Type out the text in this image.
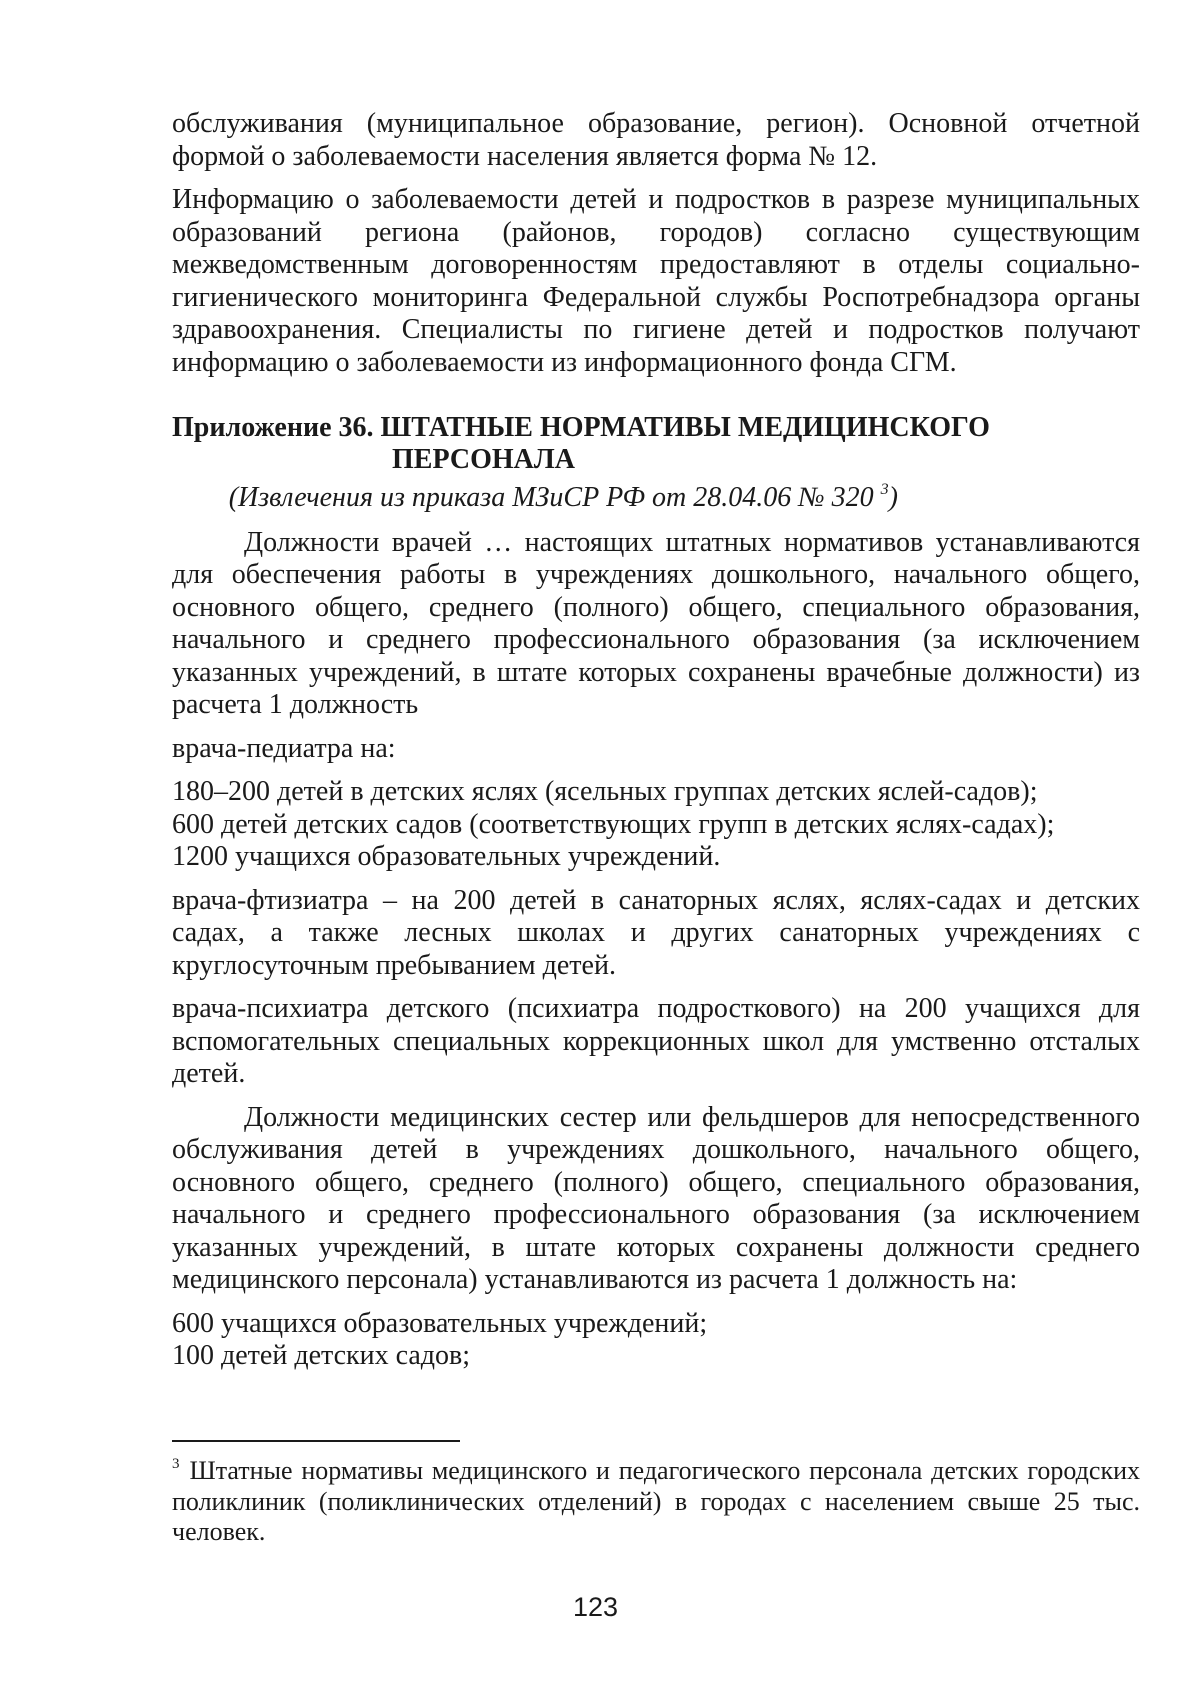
обслуживания (муниципальное образование, регион). Основной отчетной формой о заболеваемости населения является форма № 12.

Информацию о заболеваемости детей и подростков в разрезе муниципальных образований региона (районов, городов) согласно существующим межведомственным договоренностям предоставляют в отделы социально-гигиенического мониторинга Федеральной службы Роспотребнадзора органы здравоохранения. Специалисты по гигиене детей и подростков получают информацию о заболеваемости из информационного фонда СГМ.

Приложение 36. ШТАТНЫЕ НОРМАТИВЫ МЕДИЦИНСКОГО
ПЕРСОНАЛА

(Извлечения из приказа МЗиСР РФ от 28.04.06 № 320 $^3$)

Должности врачей … настоящих штатных нормативов устанавливаются для обеспечения работы в учреждениях дошкольного, начального общего, основного общего, среднего (полного) общего, специального образования, начального и среднего профессионального образования (за исключением указанных учреждений, в штате которых сохранены врачебные должности) из расчета 1 должность

врача-педиатра на:

180–200 детей в детских яслях (ясельных группах детских яслей-садов);
600 детей детских садов (соответствующих групп в детских яслях-садах);
1200 учащихся образовательных учреждений.

врача-фтизиатра – на 200 детей в санаторных яслях, яслях-садах и детских садах, а также лесных школах и других санаторных учреждениях с круглосуточным пребыванием детей.

врача-психиатра детского (психиатра подросткового) на 200 учащихся для вспомогательных специальных коррекционных школ для умственно отсталых детей.

Должности медицинских сестер или фельдшеров для непосредственного обслуживания детей в учреждениях дошкольного, начального общего, основного общего, среднего (полного) общего, специального образования, начального и среднего профессионального образования (за исключением указанных учреждений, в штате которых сохранены должности среднего медицинского персонала) устанавливаются из расчета 1 должность на:

600 учащихся образовательных учреждений;
100 детей детских садов;
$^3$ Штатные нормативы медицинского и педагогического персонала детских городских поликлиник (поликлинических отделений) в городах с населением свыше 25 тыс. человек.
123
